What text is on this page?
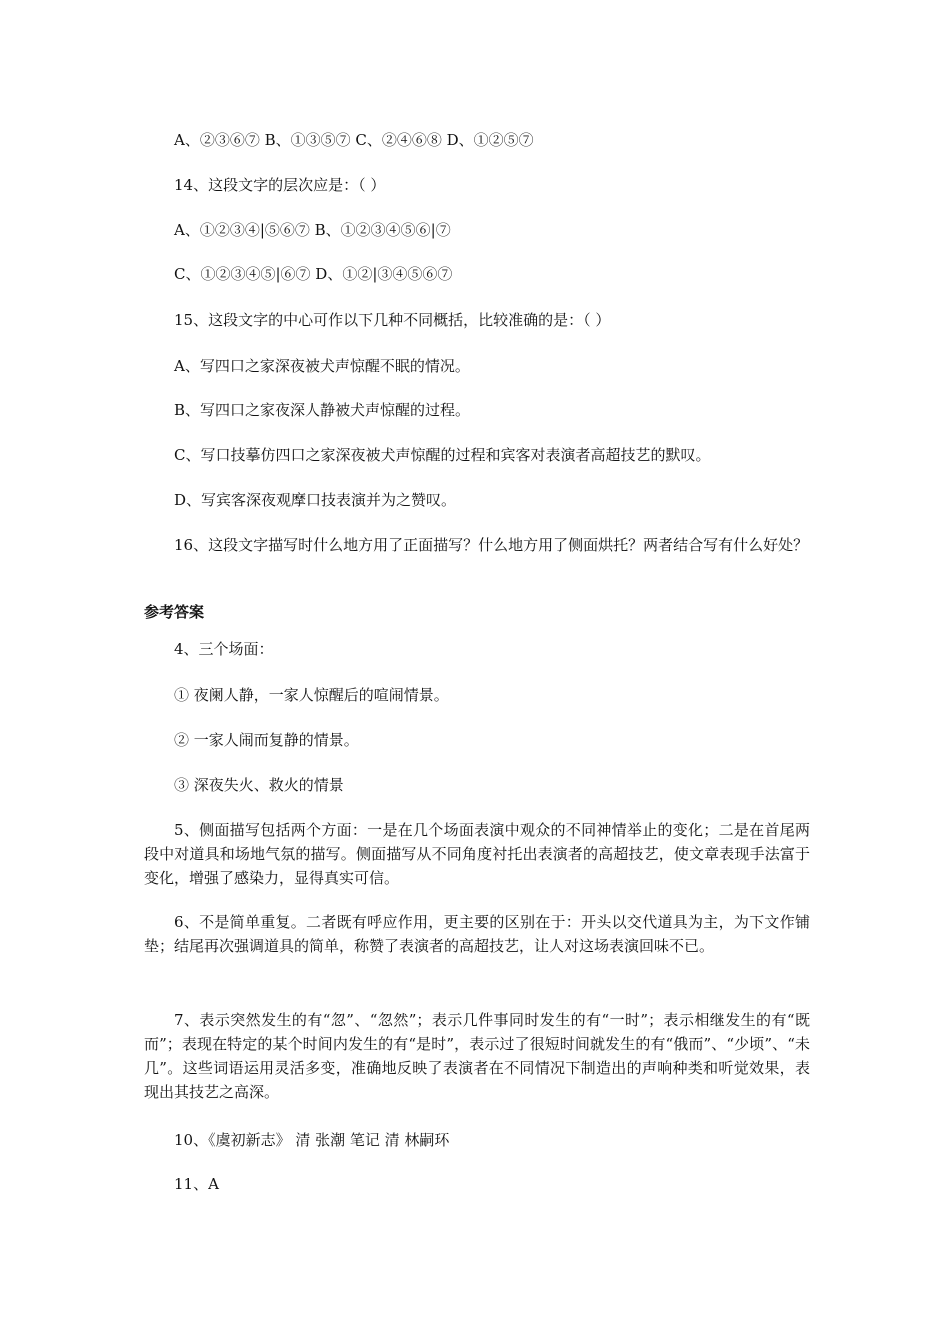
A、②③⑥⑦ B、①③⑤⑦ C、②④⑥⑧ D、①②⑤⑦
14、这段文字的层次应是：（ ）
A、①②③④|⑤⑥⑦ B、①②③④⑤⑥|⑦
C、①②③④⑤|⑥⑦ D、①②|③④⑤⑥⑦
15、这段文字的中心可作以下几种不同概括，比较准确的是：（ ）
A、写四口之家深夜被犬声惊醒不眠的情况。
B、写四口之家夜深人静被犬声惊醒的过程。
C、写口技摹仿四口之家深夜被犬声惊醒的过程和宾客对表演者高超技艺的默叹。
D、写宾客深夜观摩口技表演并为之赞叹。
16、这段文字描写时什么地方用了正面描写？什么地方用了侧面烘托？两者结合写有什么好处？
参考答案
4、三个场面：
① 夜阑人静，一家人惊醒后的喧闹情景。
② 一家人闹而复静的情景。
③ 深夜失火、救火的情景
5、侧面描写包括两个方面：一是在几个场面表演中观众的不同神情举止的变化；二是在首尾两段中对道具和场地气氛的描写。侧面描写从不同角度衬托出表演者的高超技艺，使文章表现手法富于变化，增强了感染力，显得真实可信。
6、不是简单重复。二者既有呼应作用，更主要的区别在于：开头以交代道具为主，为下文作铺垫；结尾再次强调道具的简单，称赞了表演者的高超技艺，让人对这场表演回味不已。
7、表示突然发生的有“忽”、“忽然”；表示几件事同时发生的有“一时”；表示相继发生的有“既而”；表现在特定的某个时间内发生的有“是时”，表示过了很短时间就发生的有“俄而”、“少顷”、“未几”。这些词语运用灵活多变，准确地反映了表演者在不同情况下制造出的声响种类和听觉效果，表现出其技艺之高深。
10、《虞初新志》 清 张潮 笔记 清 林嗣环
11、A
